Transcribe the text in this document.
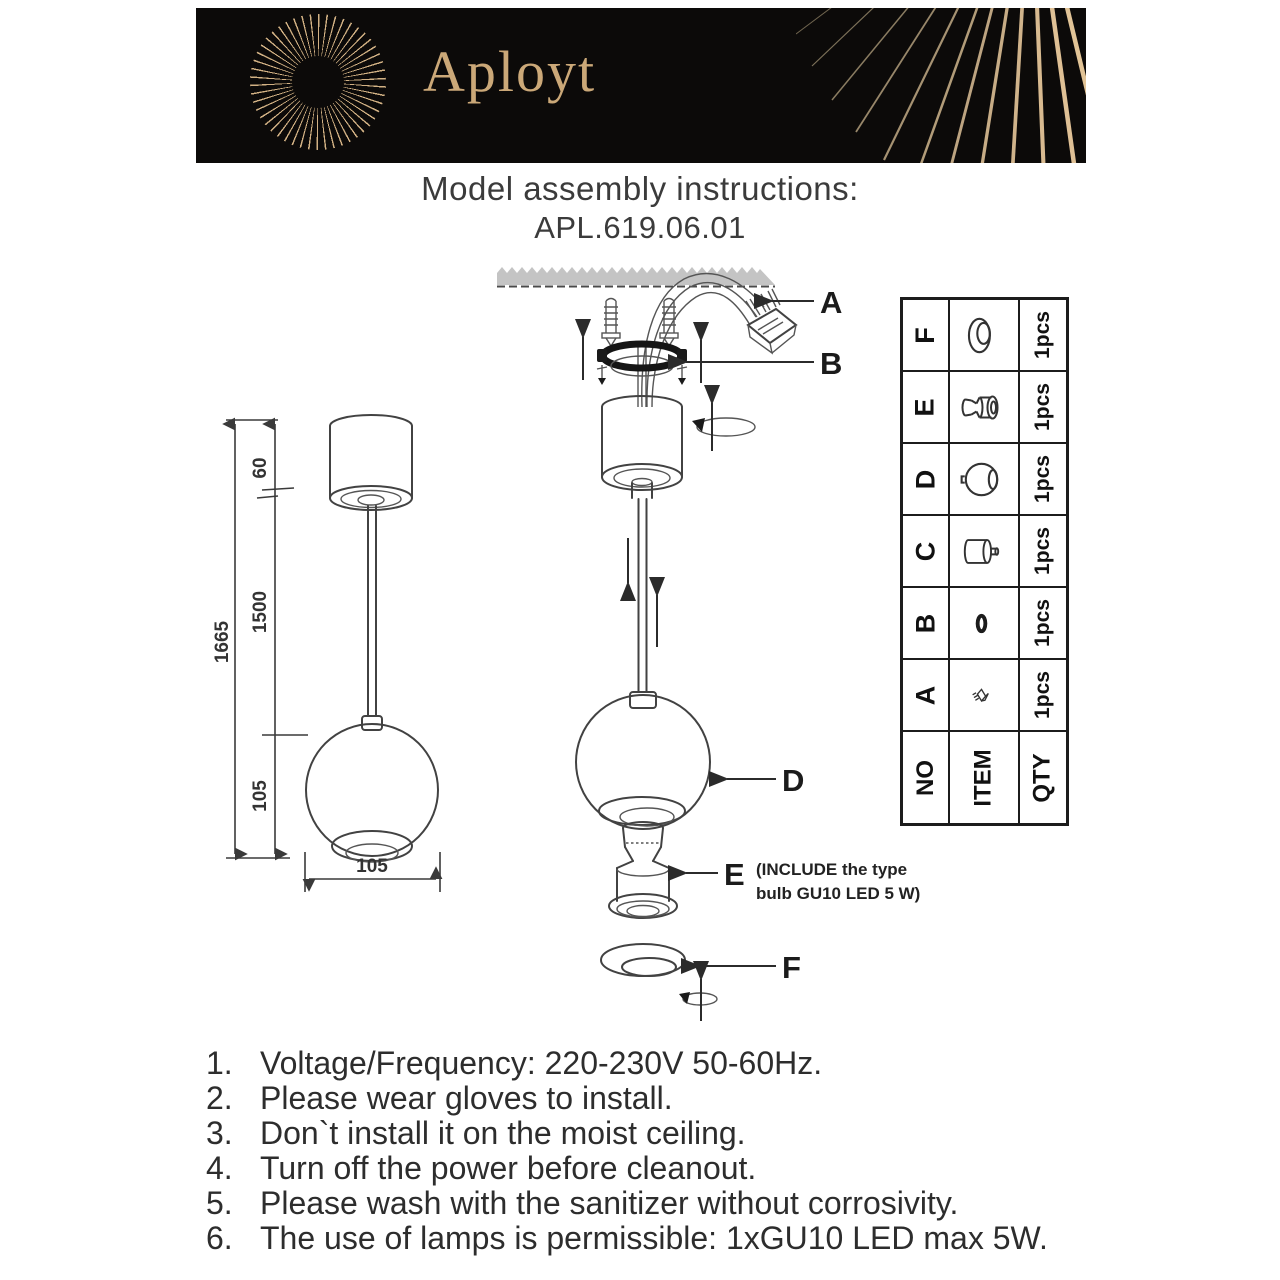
Aployt
Model assembly instructions:
APL.619.06.01
1665
60
1500
105
105
A
B
D
E (INCLUDE the type
bulb GU10 LED 5 W)
F
F	1pcs
E	1pcs
D	1pcs
C	1pcs
B	1pcs
A	1pcs
NO ITEM QTY
1. Voltage/Frequency: 220-230V 50-60Hz.
2. Please wear gloves to install.
3. Don`t install it on the moist ceiling.
4. Turn off the power before cleanout.
5. Please wash with the sanitizer without corrosivity.
6. The use of lamps is permissible: 1xGU10 LED max 5W.
